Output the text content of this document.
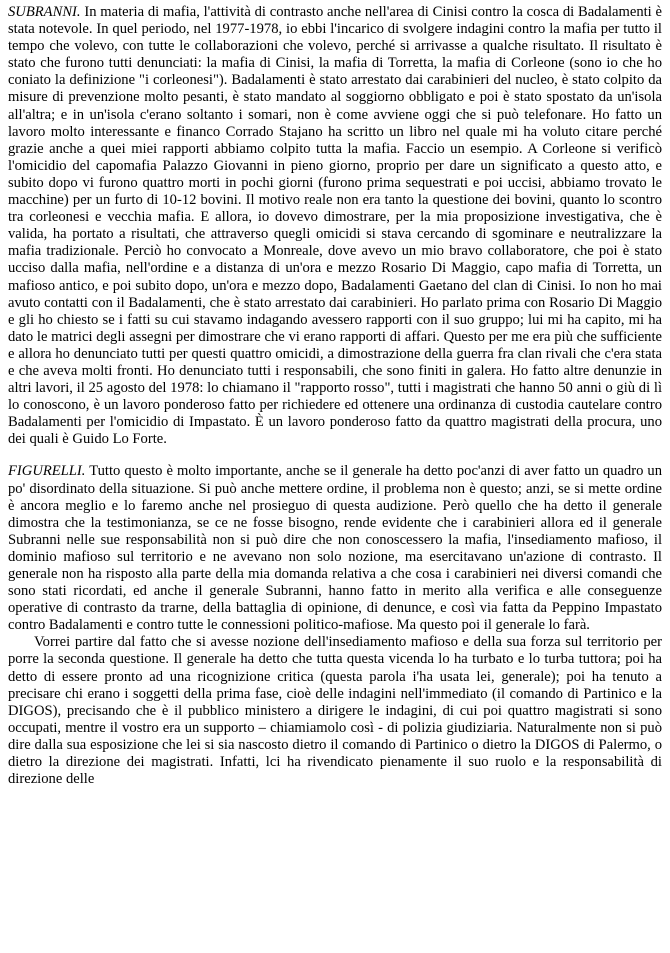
SUBRANNI. In materia di mafia, l'attività di contrasto anche nell'area di Cinisi contro la cosca di Badalamenti è stata notevole. In quel periodo, nel 1977-1978, io ebbi l'incarico di svolgere indagini contro la mafia per tutto il tempo che volevo, con tutte le collaborazioni che volevo, perché si arrivasse a qualche risultato. Il risultato è stato che furono tutti denunciati: la mafia di Cinisi, la mafia di Torretta, la mafia di Corleone (sono io che ho coniato la definizione "i corleonesi"). Badalamenti è stato arrestato dai carabinieri del nucleo, è stato colpito da misure di prevenzione molto pesanti, è stato mandato al soggiorno obbligato e poi è stato spostato da un'isola all'altra; e in un'isola c'erano soltanto i somari, non è come avviene oggi che si può telefonare. Ho fatto un lavoro molto interessante e financo Corrado Stajano ha scritto un libro nel quale mi ha voluto citare perché grazie anche a quei miei rapporti abbiamo colpito tutta la mafia. Faccio un esempio. A Corleone si verificò l'omicidio del capomafia Palazzo Giovanni in pieno giorno, proprio per dare un significato a questo atto, e subito dopo vi furono quattro morti in pochi giorni (furono prima sequestrati e poi uccisi, abbiamo trovato le macchine) per un furto di 10-12 bovini. Il motivo reale non era tanto la questione dei bovini, quanto lo scontro tra corleonesi e vecchia mafia. E allora, io dovevo dimostrare, per la mia proposizione investigativa, che è valida, ha portato a risultati, che attraverso quegli omicidi si stava cercando di sgominare e neutralizzare la mafia tradizionale. Perciò ho convocato a Monreale, dove avevo un mio bravo collaboratore, che poi è stato ucciso dalla mafia, nell'ordine e a distanza di un'ora e mezzo Rosario Di Maggio, capo mafia di Torretta, un mafioso antico, e poi subito dopo, un'ora e mezzo dopo, Badalamenti Gaetano del clan di Cinisi. Io non ho mai avuto contatti con il Badalamenti, che è stato arrestato dai carabinieri. Ho parlato prima con Rosario Di Maggio e gli ho chiesto se i fatti su cui stavamo indagando avessero rapporti con il suo gruppo; lui mi ha capito, mi ha dato le matrici degli assegni per dimostrare che vi erano rapporti di affari. Questo per me era più che sufficiente e allora ho denunciato tutti per questi quattro omicidi, a dimostrazione della guerra fra clan rivali che c'era stata e che aveva molti fronti. Ho denunciato tutti i responsabili, che sono finiti in galera. Ho fatto altre denunzie in altri lavori, il 25 agosto del 1978: lo chiamano il "rapporto rosso", tutti i magistrati che hanno 50 anni o giù di lì lo conoscono, è un lavoro ponderoso fatto per richiedere ed ottenere una ordinanza di custodia cautelare contro Badalamenti per l'omicidio di Impastato. È un lavoro ponderoso fatto da quattro magistrati della procura, uno dei quali è Guido Lo Forte.

FIGURELLI. Tutto questo è molto importante, anche se il generale ha detto poc'anzi di aver fatto un quadro un po' disordinato della situazione. Si può anche mettere ordine, il problema non è questo; anzi, se si mette ordine è ancora meglio e lo faremo anche nel prosieguo di questa audizione. Però quello che ha detto il generale dimostra che la testimonianza, se ce ne fosse bisogno, rende evidente che i carabinieri allora ed il generale Subranni nelle sue responsabilità non si può dire che non conoscessero la mafia, l'insediamento mafioso, il dominio mafioso sul territorio e ne avevano non solo nozione, ma esercitavano un'azione di contrasto. Il generale non ha risposto alla parte della mia domanda relativa a che cosa i carabinieri nei diversi comandi che sono stati ricordati, ed anche il generale Subranni, hanno fatto in merito alla verifica e alle conseguenze operative di contrasto da trarne, della battaglia di opinione, di denunce, e così via fatta da Peppino Impastato contro Badalamenti e contro tutte le connessioni politico-mafiose. Ma questo poi il generale lo farà.

Vorrei partire dal fatto che si avesse nozione dell'insediamento mafioso e della sua forza sul territorio per porre la seconda questione. Il generale ha detto che tutta questa vicenda lo ha turbato e lo turba tuttora; poi ha detto di essere pronto ad una ricognizione critica (questa parola i'ha usata lei, generale); poi ha tenuto a precisare chi erano i soggetti della prima fase, cioè delle indagini nell'immediato (il comando di Partinico e la DIGOS), precisando che è il pubblico ministero a dirigere le indagini, di cui poi quattro magistrati si sono occupati, mentre il vostro era un supporto – chiamiamolo così - di polizia giudiziaria. Naturalmente non si può dire dalla sua esposizione che lei si sia nascosto dietro il comando di Partinico o dietro la DIGOS di Palermo, o dietro la direzione dei magistrati. Infatti, lci ha rivendicato pienamente il suo ruolo e la responsabilità di direzione delle
